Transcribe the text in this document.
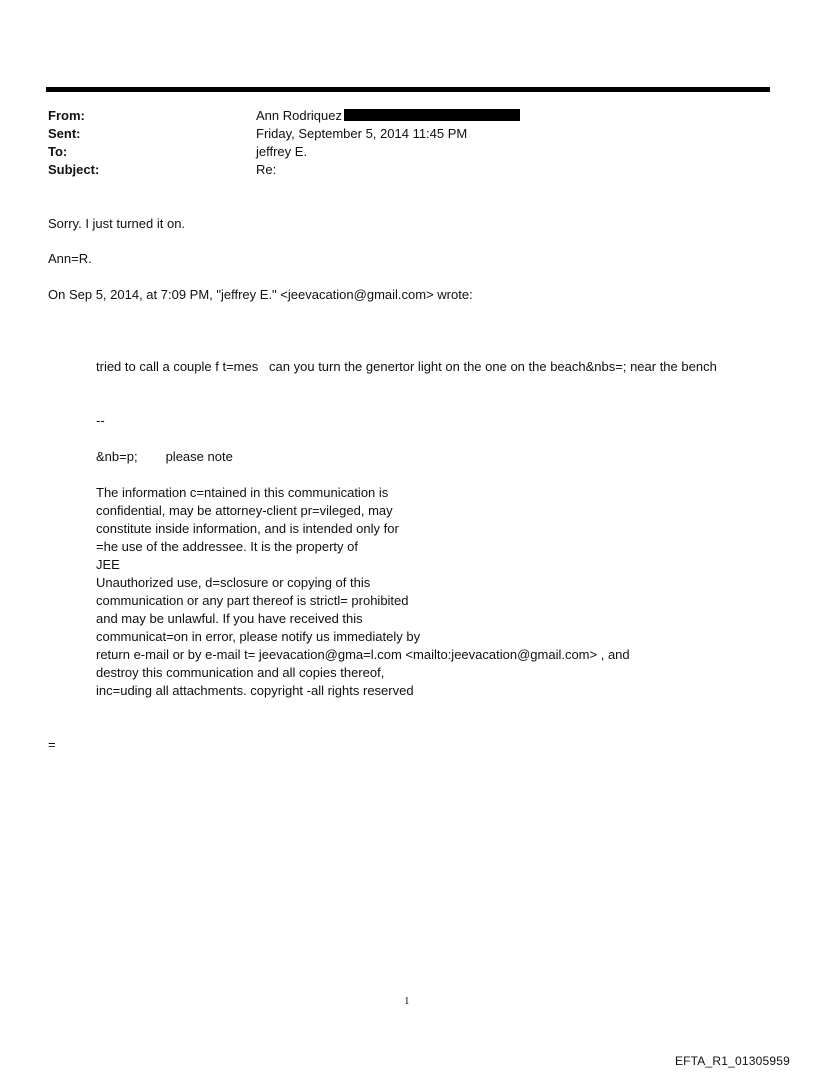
From:	Ann Rodriquez
Sent:	Friday, September 5, 2014 11:45 PM
To:	jeffrey E.
Subject:	Re:
Sorry. I just turned it on.
Ann=R.
On Sep 5, 2014, at 7:09 PM, "jeffrey E." <jeevacation@gmail.com> wrote:
tried to call a couple f t=mes   can you turn the genertor light on the one on the beach&nbs=; near the bench
--
&nb=p; please note
The information c=ntained in this communication is
confidential, may be attorney-client pr=vileged, may
constitute inside information, and is intended only for
=he use of the addressee. It is the property of
JEE
Unauthorized use, d=sclosure or copying of this
communication or any part thereof is strictl= prohibited
and may be unlawful. If you have received this
communicat=on in error, please notify us immediately by
return e-mail or by e-mail t= jeevacation@gma=l.com <mailto:jeevacation@gmail.com> , and
destroy this communication and all copies thereof,
inc=uding all attachments. copyright -all rights reserved
=
1
EFTA_R1_01305959
